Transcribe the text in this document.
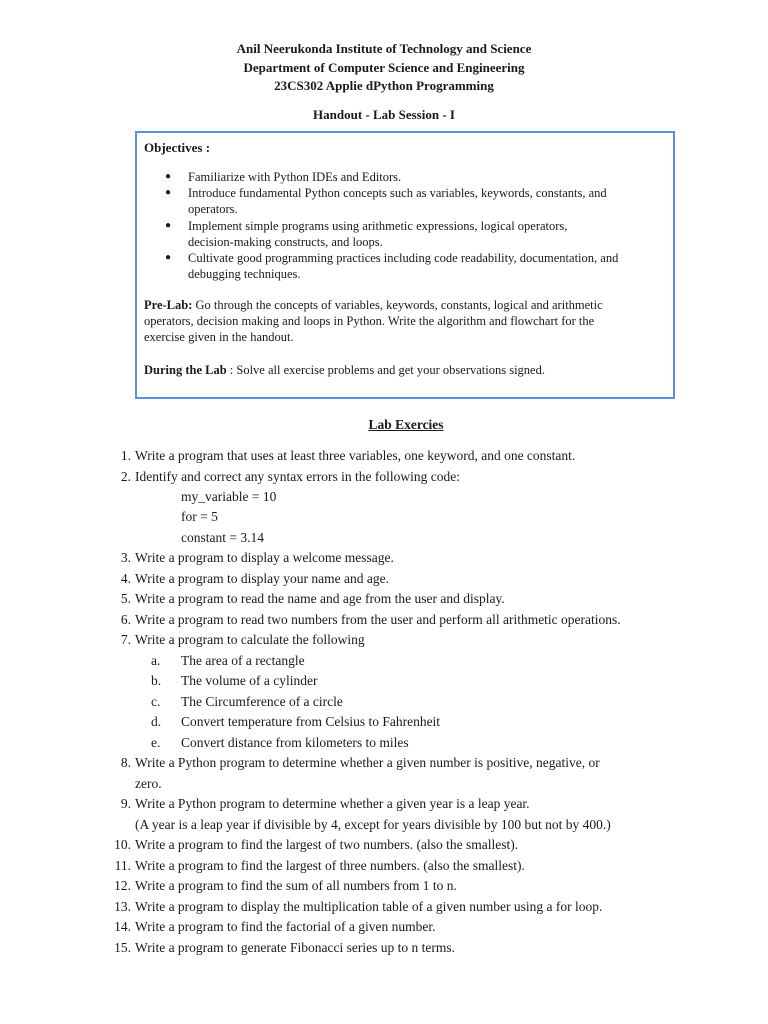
Anil Neerukonda Institute of Technology and Science
Department of Computer Science and Engineering
23CS302 Applie dPython Programming
Handout - Lab Session - I
Objectives :
● Familiarize with Python IDEs and Editors.
● Introduce fundamental Python concepts such as variables, keywords, constants, and
operators.
● Implement simple programs using arithmetic expressions, logical operators,
decision-making constructs, and loops.
● Cultivate good programming practices including code readability, documentation, and
debugging techniques.
Pre-Lab: Go through the concepts of variables, keywords, constants, logical and arithmetic
operators, decision making and loops in Python. Write the algorithm and flowchart for the
exercise given in the handout.
During the Lab : Solve all exercise problems and get your observations signed.
Lab Exercies
1. Write a program that uses at least three variables, one keyword, and one constant.
2. Identify and correct any syntax errors in the following code:
my_variable = 10
for = 5
constant = 3.14
3. Write a program to display a welcome message.
4. Write a program to display your name and age.
5. Write a program to read the name and age from the user and display.
6. Write a program to read two numbers from the user and perform all arithmetic operations.
7. Write a program to calculate the following
a.	The area of a rectangle
b.	The volume of a cylinder
c.	The Circumference of a circle
d.	Convert temperature from Celsius to Fahrenheit
e.	Convert distance from kilometers to miles
8. Write a Python program to determine whether a given number is positive, negative, or
zero.
9. Write a Python program to determine whether a given year is a leap year.
(A year is a leap year if divisible by 4, except for years divisible by 100 but not by 400.)
10. Write a program to find the largest of two numbers. (also the smallest).
11. Write a program to find the largest of three numbers. (also the smallest).
12. Write a program to find the sum of all numbers from 1 to n.
13. Write a program to display the multiplication table of a given number using a for loop.
14. Write a program to find the factorial of a given number.
15. Write a program to generate Fibonacci series up to n terms.
